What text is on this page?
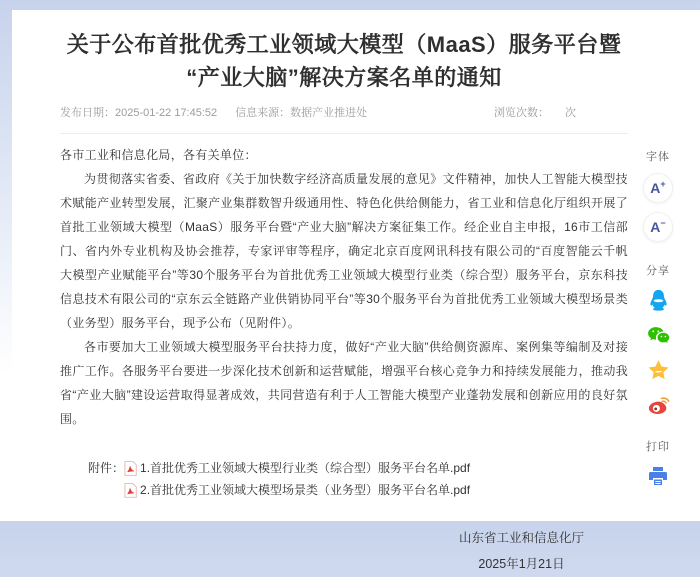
关于公布首批优秀工业领域大模型（MaaS）服务平台暨
“产业大脑”解决方案名单的通知
发布日期：2025-01-22 17:45:52 信息来源：数据产业推进处	浏览次数： 次

各市工业和信息化局，各有关单位：

为贯彻落实省委、省政府《关于加快数字经济高质量发展的意见》文件精神，加快人工智能大模型技术赋能产业转型发展，汇聚产业集群数智升级通用性、特色化供给侧能力，省工业和信息化厅组织开展了首批工业领域大模型（MaaS）服务平台暨“产业大脑”解决方案征集工作。经企业自主申报，16市工信部门、省内外专业机构及协会推荐，专家评审等程序，确定北京百度网讯科技有限公司的“百度智能云千帆大模型产业赋能平台”等30个服务平台为首批优秀工业领域大模型行业类（综合型）服务平台，京东科技信息技术有限公司的“京东云全链路产业供销协同平台”等30个服务平台为首批优秀工业领域大模型场景类（业务型）服务平台，现予公布（见附件）。

各市要加大工业领域大模型服务平台扶持力度，做好“产业大脑”供给侧资源库、案例集等编制及对接推广工作。各服务平台要进一步深化技术创新和运营赋能，增强平台核心竞争力和持续发展能力，推动我省“产业大脑”建设运营取得显著成效，共同营造有利于人工智能大模型产业蓬勃发展和创新应用的良好氛围。

附件： 1.首批优秀工业领域大模型行业类（综合型）服务平台名单.pdf
2.首批优秀工业领域大模型场景类（业务型）服务平台名单.pdf
山东省工业和信息化厅
2025年1月21日
字体
A +
A −
分享
打印
